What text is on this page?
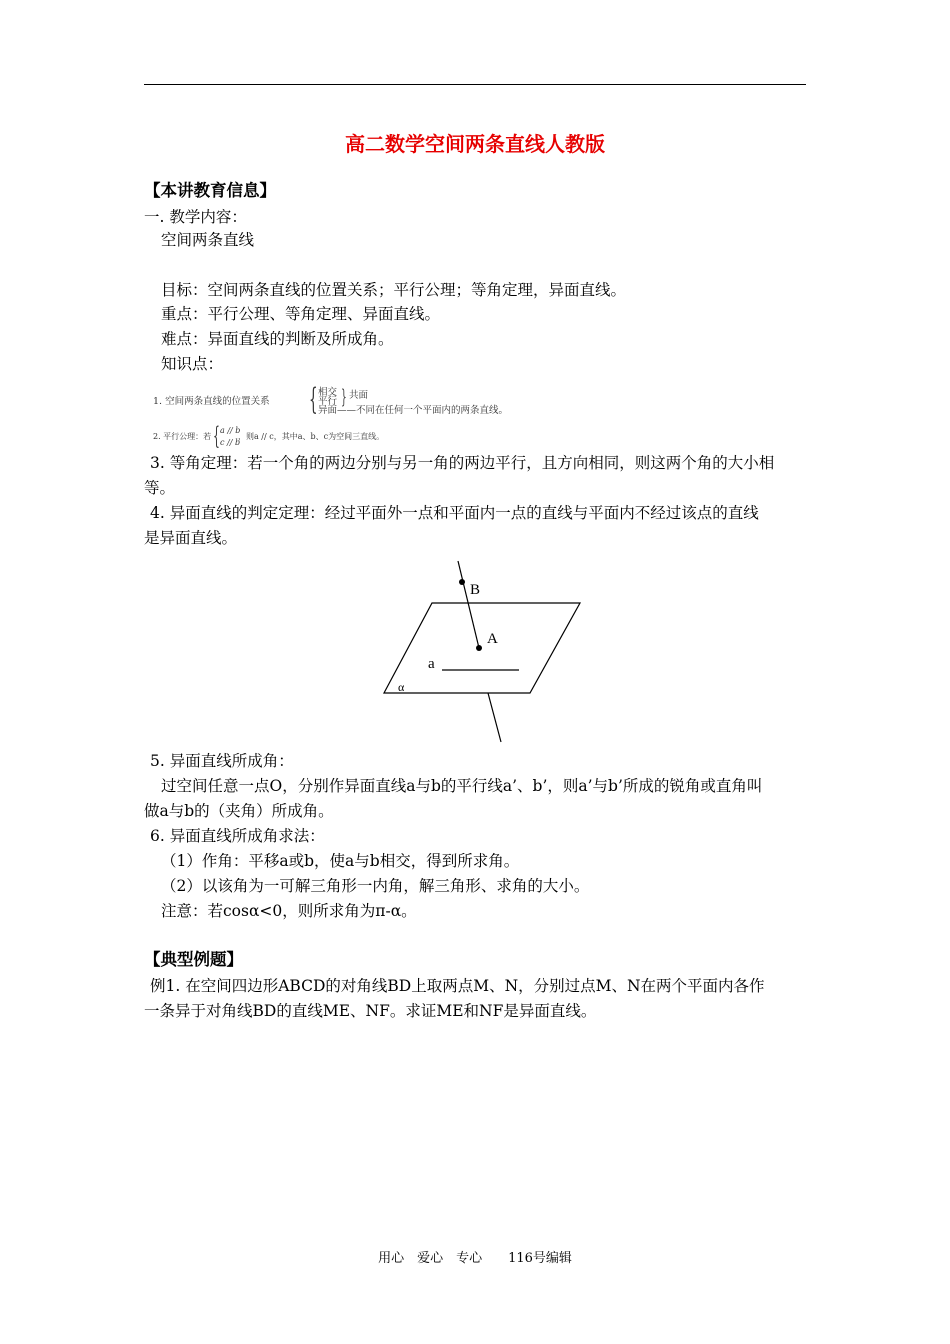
高二数学空间两条直线人教版
【本讲教育信息】
一. 教学内容：
空间两条直线
目标：空间两条直线的位置关系；平行公理；等角定理，异面直线。
重点：平行公理、等角定理、异面直线。
难点：异面直线的判断及所成角。
知识点：
1. 空间两条直线的位置关系 { 相交
平行 } 共面
异面——不同在任何一个平面内的两条直线。
2. 平行公理：若 { a // b
c // b
，则a // c，其中a、b、c为空间三直线。
3. 等角定理：若一个角的两边分别与另一角的两边平行，且方向相同，则这两个角的大小相
等。
4. 异面直线的判定定理：经过平面外一点和平面内一点的直线与平面内不经过该点的直线
是异面直线。
B
A
a
α
5. 异面直线所成角：
过空间任意一点O，分别作异面直线a与b的平行线a’、b’，则a’与b’所成的锐角或直角叫
做a与b的（夹角）所成角。
6. 异面直线所成角求法：
（1）作角：平移a或b，使a与b相交，得到所求角。
（2）以该角为一可解三角形一内角，解三角形、求角的大小。
注意：若cosα<0，则所求角为π-α。
【典型例题】
例1. 在空间四边形ABCD的对角线BD上取两点M、N，分别过点M、N在两个平面内各作
一条异于对角线BD的直线ME、NF。求证ME和NF是异面直线。
用心　爱心　专心　　116号编辑
